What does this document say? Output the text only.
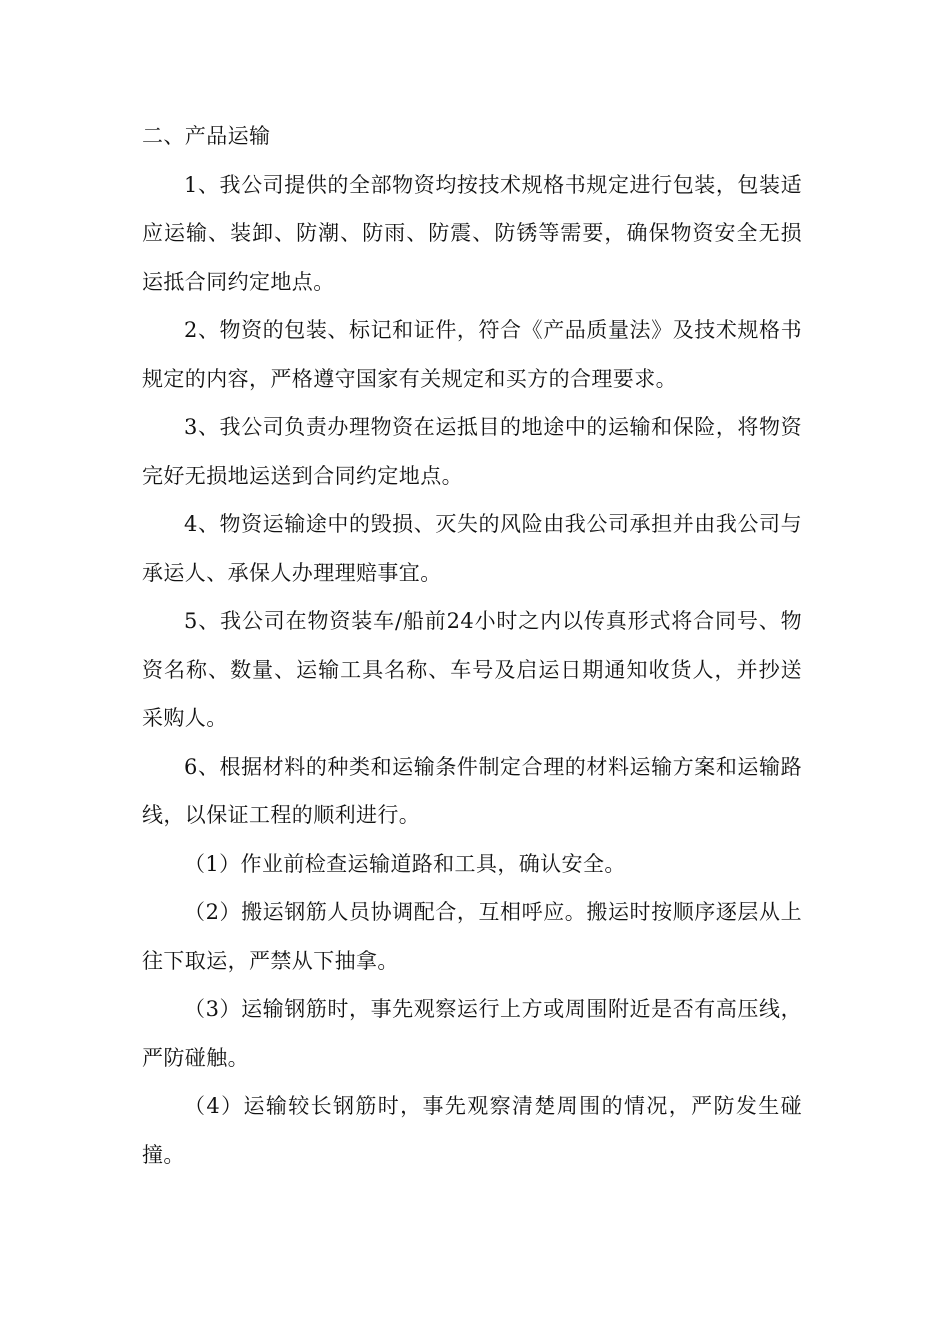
二、产品运输

1、我公司提供的全部物资均按技术规格书规定进行包装，包装适应运输、装卸、防潮、防雨、防震、防锈等需要，确保物资安全无损运抵合同约定地点。

2、物资的包装、标记和证件，符合《产品质量法》及技术规格书规定的内容，严格遵守国家有关规定和买方的合理要求。

3、我公司负责办理物资在运抵目的地途中的运输和保险，将物资完好无损地运送到合同约定地点。

4、物资运输途中的毁损、灭失的风险由我公司承担并由我公司与承运人、承保人办理理赔事宜。

5、我公司在物资装车/船前24小时之内以传真形式将合同号、物资名称、数量、运输工具名称、车号及启运日期通知收货人，并抄送采购人。

6、根据材料的种类和运输条件制定合理的材料运输方案和运输路线，以保证工程的顺利进行。

（1）作业前检查运输道路和工具，确认安全。

（2）搬运钢筋人员协调配合，互相呼应。搬运时按顺序逐层从上往下取运，严禁从下抽拿。

（3）运输钢筋时，事先观察运行上方或周围附近是否有高压线，严防碰触。

（4）运输较长钢筋时，事先观察清楚周围的情况，严防发生碰撞。
